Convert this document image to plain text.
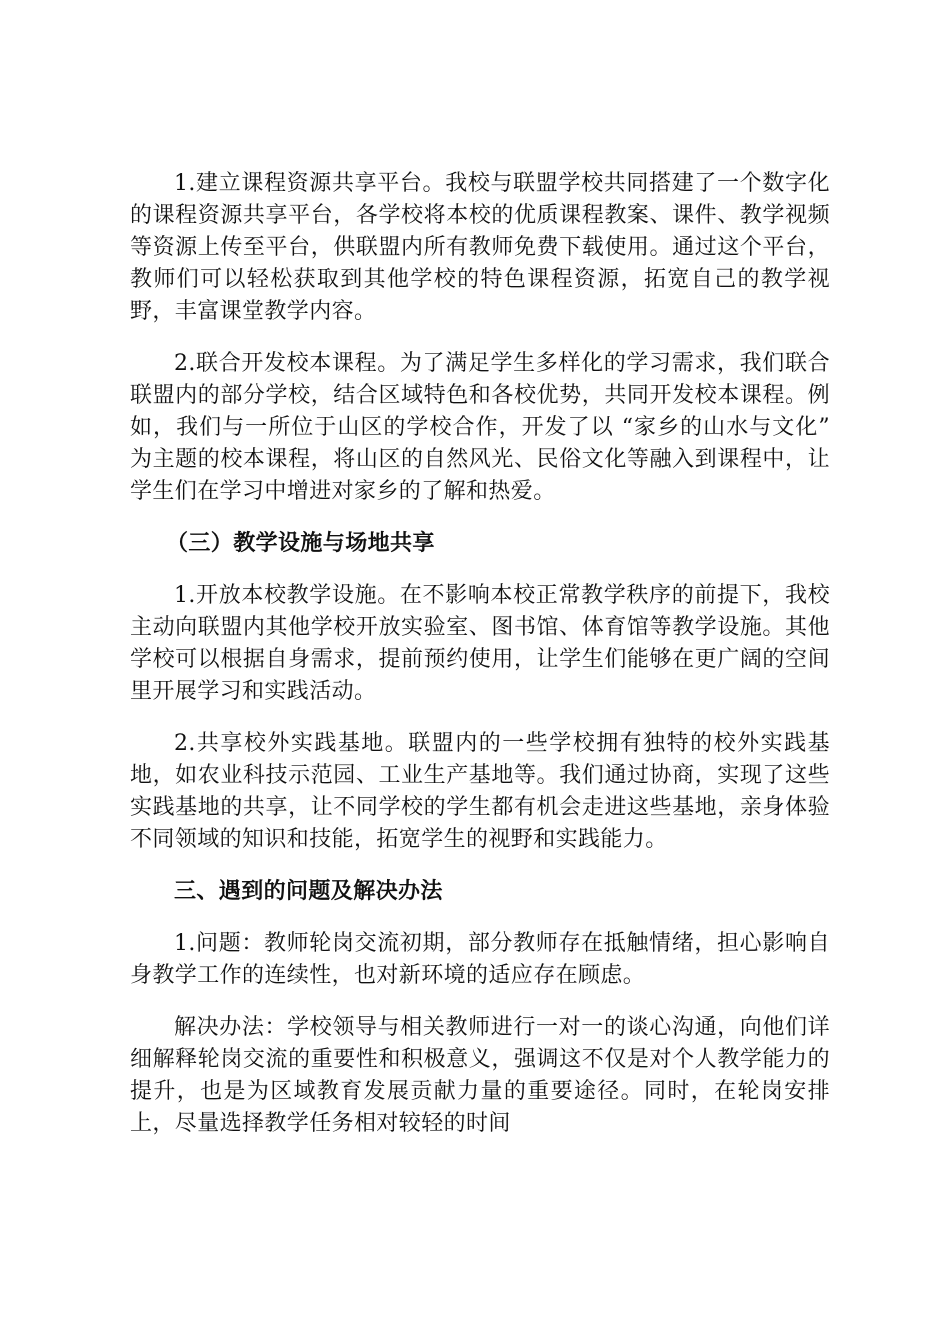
1.建立课程资源共享平台。我校与联盟学校共同搭建了一个数字化的课程资源共享平台，各学校将本校的优质课程教案、课件、教学视频等资源上传至平台，供联盟内所有教师免费下载使用。通过这个平台，教师们可以轻松获取到其他学校的特色课程资源，拓宽自己的教学视野，丰富课堂教学内容。

2.联合开发校本课程。为了满足学生多样化的学习需求，我们联合联盟内的部分学校，结合区域特色和各校优势，共同开发校本课程。例如，我们与一所位于山区的学校合作，开发了以 “家乡的山水与文化” 为主题的校本课程，将山区的自然风光、民俗文化等融入到课程中，让学生们在学习中增进对家乡的了解和热爱。

（三）教学设施与场地共享

1.开放本校教学设施。在不影响本校正常教学秩序的前提下，我校主动向联盟内其他学校开放实验室、图书馆、体育馆等教学设施。其他学校可以根据自身需求，提前预约使用，让学生们能够在更广阔的空间里开展学习和实践活动。

2.共享校外实践基地。联盟内的一些学校拥有独特的校外实践基地，如农业科技示范园、工业生产基地等。我们通过协商，实现了这些实践基地的共享，让不同学校的学生都有机会走进这些基地，亲身体验不同领域的知识和技能，拓宽学生的视野和实践能力。

三、遇到的问题及解决办法

1.问题：教师轮岗交流初期，部分教师存在抵触情绪，担心影响自身教学工作的连续性，也对新环境的适应存在顾虑。

解决办法：学校领导与相关教师进行一对一的谈心沟通，向他们详细解释轮岗交流的重要性和积极意义，强调这不仅是对个人教学能力的提升，也是为区域教育发展贡献力量的重要途径。同时，在轮岗安排上，尽量选择教学任务相对较轻的时间
